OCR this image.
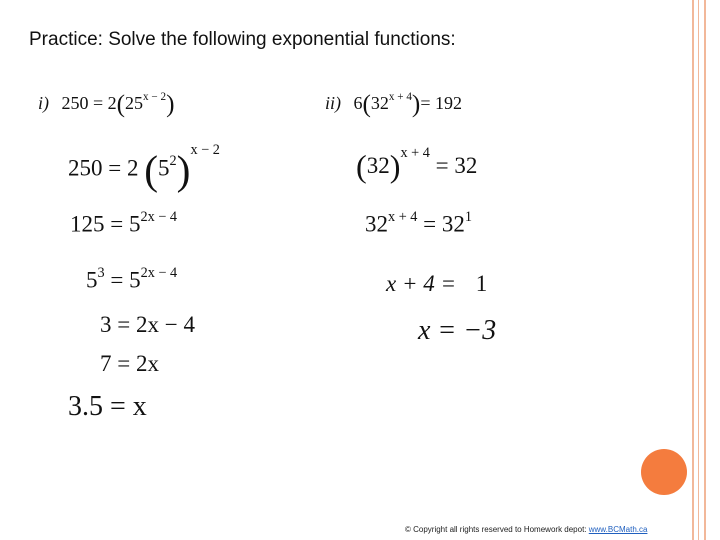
Practice: Solve the following exponential functions:
i) $250 = 2(25^{x - 2})$
250 = 2 $(5^2)^{x - 2}$
$125 = 5^{2x - 4}$
$5^3 = 5^{2x - 4}$
3 = 2x − 4
7 = 2x
3.5 = x
ii) $6(32^{x + 4})= 192$
$(32)^{x + 4} = 32$
$32^{x + 4} = 32^1$
x + 4 = 1
x = −3
© Copyright all rights reserved to Homework depot: www.BCMath.ca
